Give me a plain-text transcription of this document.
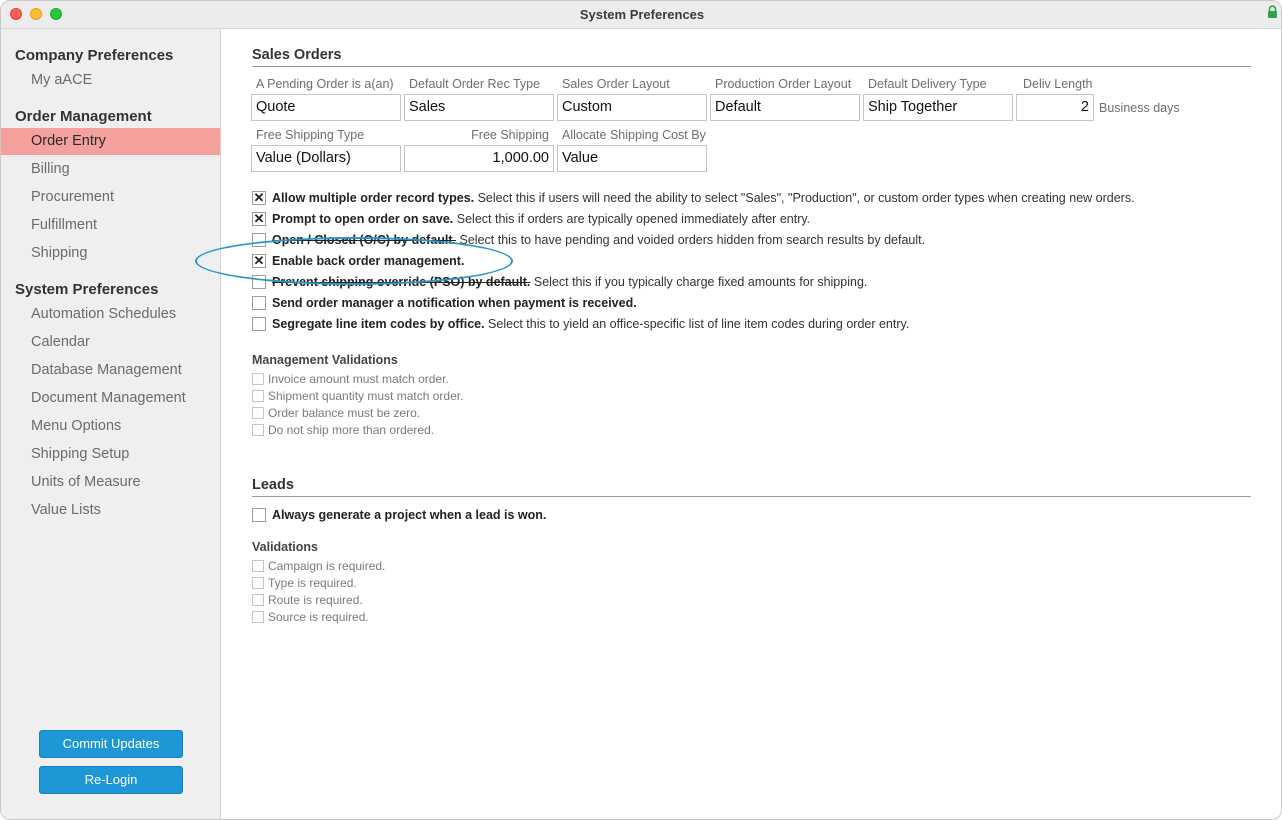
System Preferences
Company Preferences
My aACE
Order Management
Order Entry
Billing
Procurement
Fulfillment
Shipping
System Preferences
Automation Schedules
Calendar
Database Management
Document Management
Menu Options
Shipping Setup
Units of Measure
Value Lists
Commit Updates
Re-Login
Sales Orders
A Pending Order is a(an)
Quote
Default Order Rec Type
Sales
Sales Order Layout
Custom
Production Order Layout
Default
Default Delivery Type
Ship Together
Deliv Length
2 Business days
Free Shipping Type
Value (Dollars)
Free Shipping
1,000.00
Allocate Shipping Cost By
Value
✕ Allow multiple order record types. Select this if users will need the ability to select "Sales", "Production", or custom order types when creating new orders.
✕ Prompt to open order on save. Select this if orders are typically opened immediately after entry.
Open / Closed (O/C) by default. Select this to have pending and voided orders hidden from search results by default.
✕ Enable back order management.
Prevent shipping override (PSO) by default. Select this if you typically charge fixed amounts for shipping.
Send order manager a notification when payment is received.
Segregate line item codes by office. Select this to yield an office-specific list of line item codes during order entry.
Management Validations
Invoice amount must match order.
Shipment quantity must match order.
Order balance must be zero.
Do not ship more than ordered.
Leads
Always generate a project when a lead is won.
Validations
Campaign is required.
Type is required.
Route is required.
Source is required.
